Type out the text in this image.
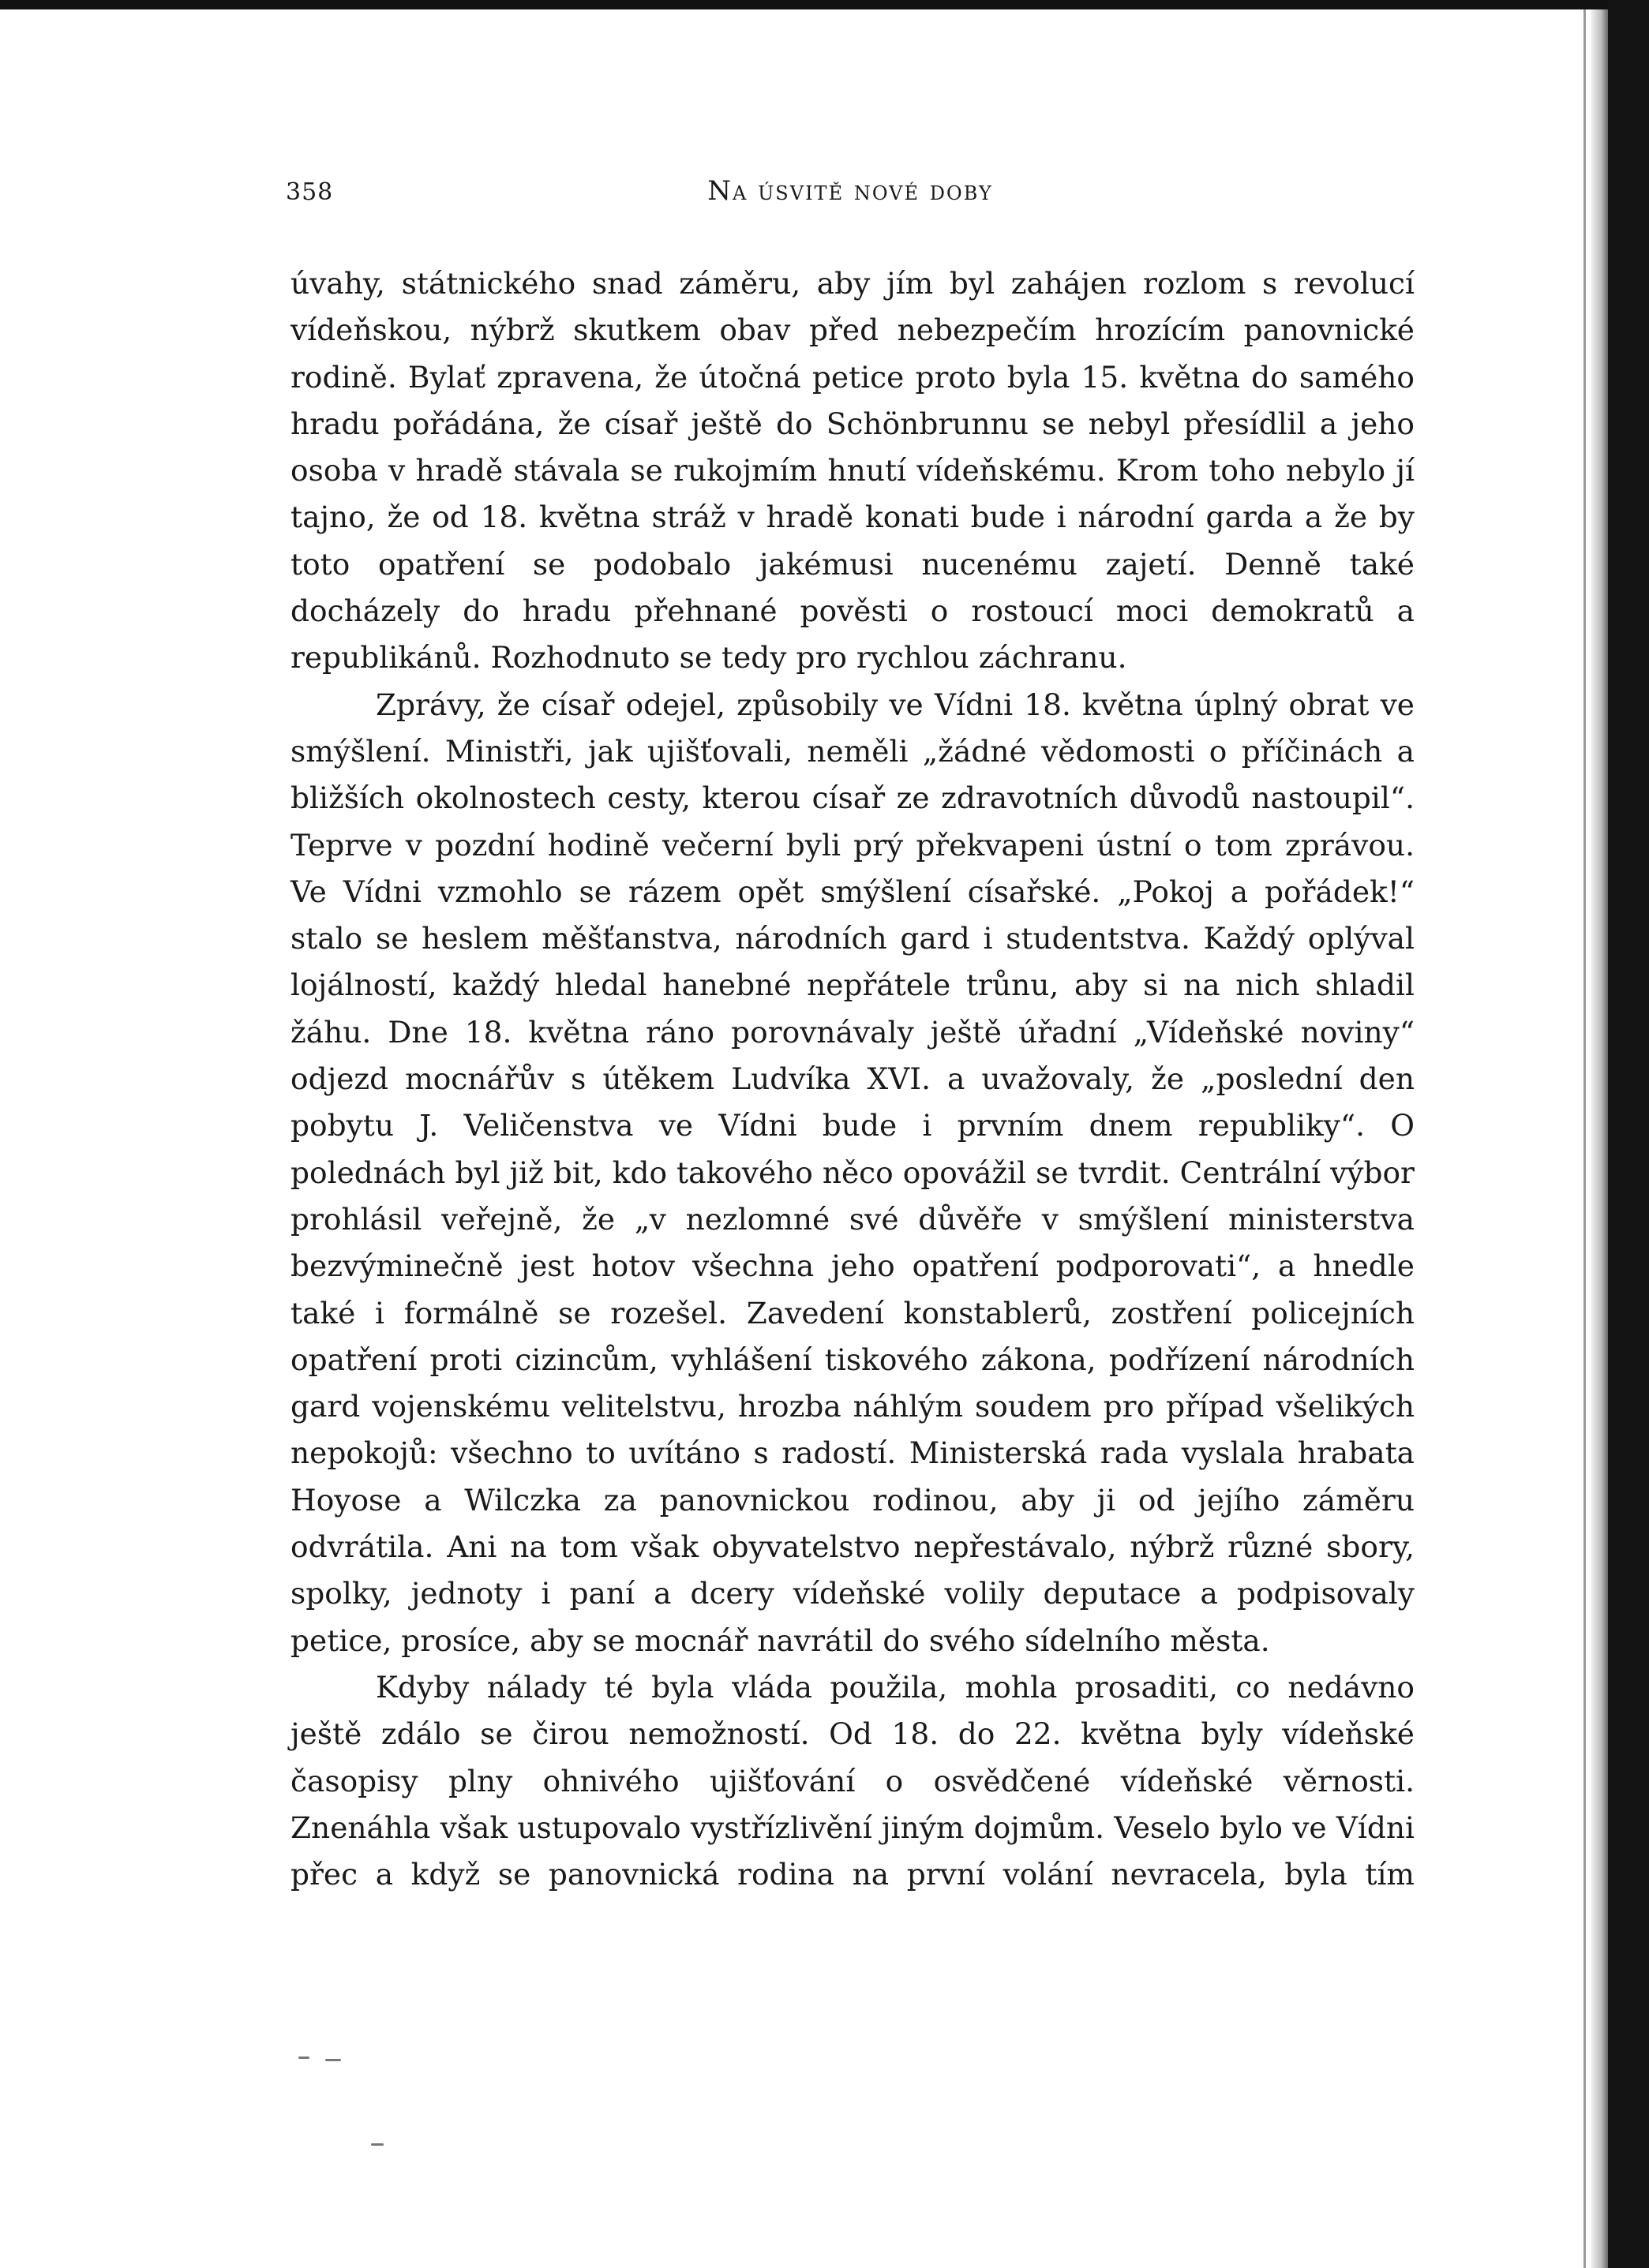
358	Na úsvitě nové doby

úvahy, státnického snad záměru, aby jím byl zahájen rozlom s revolucí vídeňskou, nýbrž skutkem obav před nebezpečím hrozícím panovnické rodině. Bylať zpravena, že útočná petice proto byla 15. května do samého hradu pořádána, že císař ještě do Schönbrunnu se nebyl přesídlil a jeho osoba v hradě stávala se rukojmím hnutí vídeňskému. Krom toho nebylo jí tajno, že od 18. května stráž v hradě konati bude i národní garda a že by toto opatření se podobalo jakémusi nucenému zajetí. Denně také docházely do hradu přehnané pověsti o rostoucí moci demokratů a republikánů. Rozhodnuto se tedy pro rychlou záchranu.

Zprávy, že císař odejel, způsobily ve Vídni 18. května úplný obrat ve smýšlení. Ministři, jak ujišťovali, neměli „žádné vědomosti o příčinách a bližších okolnostech cesty, kterou císař ze zdravotních důvodů nastoupil“. Teprve v pozdní hodině večerní byli prý překvapeni ústní o tom zprávou. Ve Vídni vzmohlo se rázem opět smýšlení císařské. „Pokoj a pořádek!“ stalo se heslem měšťanstva, národních gard i studentstva. Každý oplýval lojálností, každý hledal hanebné nepřátele trůnu, aby si na nich shladil žáhu. Dne 18. května ráno porovnávaly ještě úřadní „Vídeňské noviny“ odjezd mocnářův s útěkem Ludvíka XVI. a uvažovaly, že „poslední den pobytu J. Veličenstva ve Vídni bude i prvním dnem republiky“. O polednách byl již bit, kdo takového něco opovážil se tvrdit. Centrální výbor prohlásil veřejně, že „v nezlomné své důvěře v smýšlení ministerstva bezvýminečně jest hotov všechna jeho opatření podporovati“, a hnedle také i formálně se rozešel. Zavedení konstablerů, zostření policejních opatření proti cizincům, vyhlášení tiskového zákona, podřízení národních gard vojenskému velitelstvu, hrozba náhlým soudem pro případ všelikých nepokojů: všechno to uvítáno s radostí. Ministerská rada vyslala hrabata Hoyose a Wilczka za panovnickou rodinou, aby ji od jejího záměru odvrátila. Ani na tom však obyvatelstvo nepřestávalo, nýbrž různé sbory, spolky, jednoty i paní a dcery vídeňské volily deputace a podpisovaly petice, prosíce, aby se mocnář navrátil do svého sídelního města.

Kdyby nálady té byla vláda použila, mohla prosaditi, co nedávno ještě zdálo se čirou nemožností. Od 18. do 22. května byly vídeňské časopisy plny ohnivého ujišťování o osvědčené vídeňské věrnosti. Znenáhla však ustupovalo vystřízlivění jiným dojmům. Veselo bylo ve Vídni přec a když se panovnická rodina na první volání nevracela, byla tím
